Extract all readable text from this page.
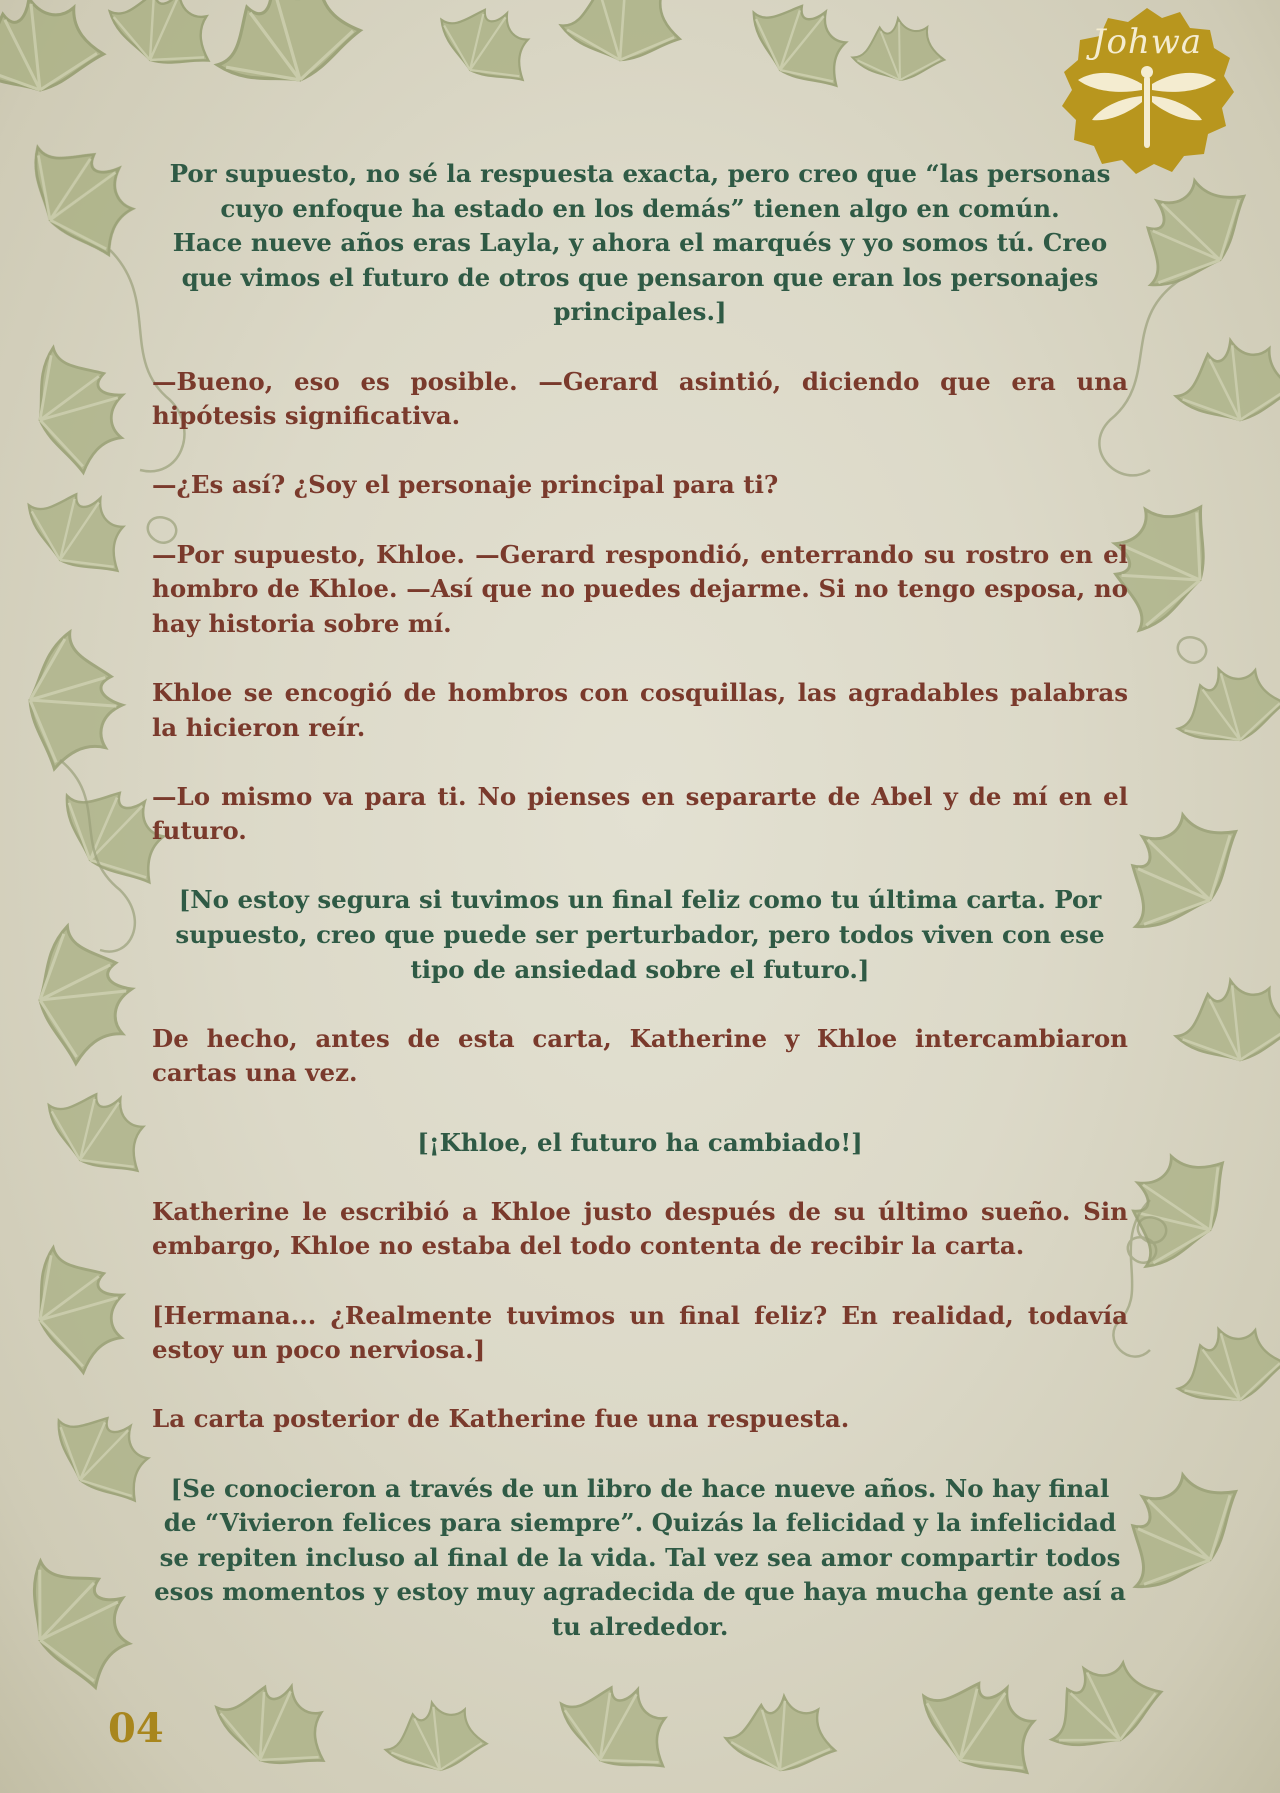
Johwa

Por supuesto, no sé la respuesta exacta, pero creo que “las personas cuyo enfoque ha estado en los demás” tienen algo en común.

Hace nueve años eras Layla, y ahora el marqués y yo somos tú. Creo que vimos el futuro de otros que pensaron que eran los personajes principales.]

—Bueno, eso es posible. —Gerard asintió, diciendo que era una hipótesis significativa.

—¿Es así? ¿Soy el personaje principal para ti?

—Por supuesto, Khloe. —Gerard respondió, enterrando su rostro en el hombro de Khloe. —Así que no puedes dejarme. Si no tengo esposa, no hay historia sobre mí.

Khloe se encogió de hombros con cosquillas, las agradables palabras la hicieron reír.

—Lo mismo va para ti. No pienses en separarte de Abel y de mí en el futuro.

[No estoy segura si tuvimos un final feliz como tu última carta. Por supuesto, creo que puede ser perturbador, pero todos viven con ese tipo de ansiedad sobre el futuro.]

De hecho, antes de esta carta, Katherine y Khloe intercambiaron cartas una vez.

[¡Khloe, el futuro ha cambiado!]

Katherine le escribió a Khloe justo después de su último sueño. Sin embargo, Khloe no estaba del todo contenta de recibir la carta.

[Hermana... ¿Realmente tuvimos un final feliz? En realidad, todavía estoy un poco nerviosa.]

La carta posterior de Katherine fue una respuesta.

[Se conocieron a través de un libro de hace nueve años. No hay final de “Vivieron felices para siempre”. Quizás la felicidad y la infelicidad se repiten incluso al final de la vida. Tal vez sea amor compartir todos esos momentos y estoy muy agradecida de que haya mucha gente así a tu alrededor.

04
